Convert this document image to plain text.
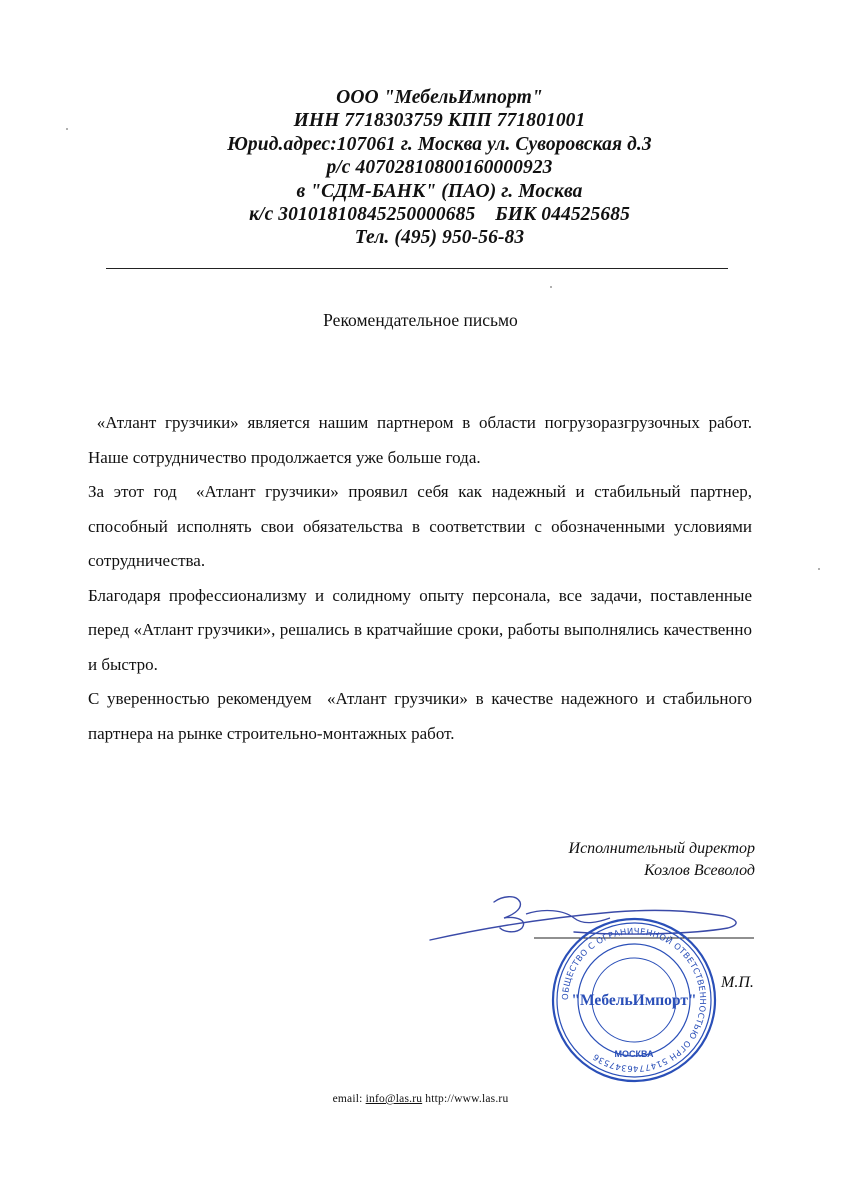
ООО "МебельИмпорт"
ИНН 7718303759 КПП 771801001
Юрид.адрес:107061 г. Москва ул. Суворовская д.3
р/с 40702810800160000923
в "СДМ-БАНК" (ПАО) г. Москва
к/с 30101810845250000685    БИК 044525685
Тел. (495) 950-56-83
Рекомендательное письмо

«Атлант грузчики» является нашим партнером в области погрузоразгрузочных работ. Наше сотрудничество продолжается уже больше года.

За этот год  «Атлант грузчики» проявил себя как надежный и стабильный партнер, способный исполнять свои обязательства в соответствии с обозначенными условиями сотрудничества.

Благодаря профессионализму и солидному опыту персонала, все задачи, поставленные перед «Атлант грузчики», решались в кратчайшие сроки, работы выполнялись качественно и быстро.

С уверенностью рекомендуем  «Атлант грузчики» в качестве надежного и стабильного партнера на рынке строительно-монтажных работ.

Исполнительный директор
Козлов Всеволод
ОБЩЕСТВО С ОГРАНИЧЕННОЙ ОТВЕТСТВЕННОСТЬЮ ОГРН 5147746347536
"МебельИмпорт"
МОСКВА
М.П.
email: info@las.ru http://www.las.ru
